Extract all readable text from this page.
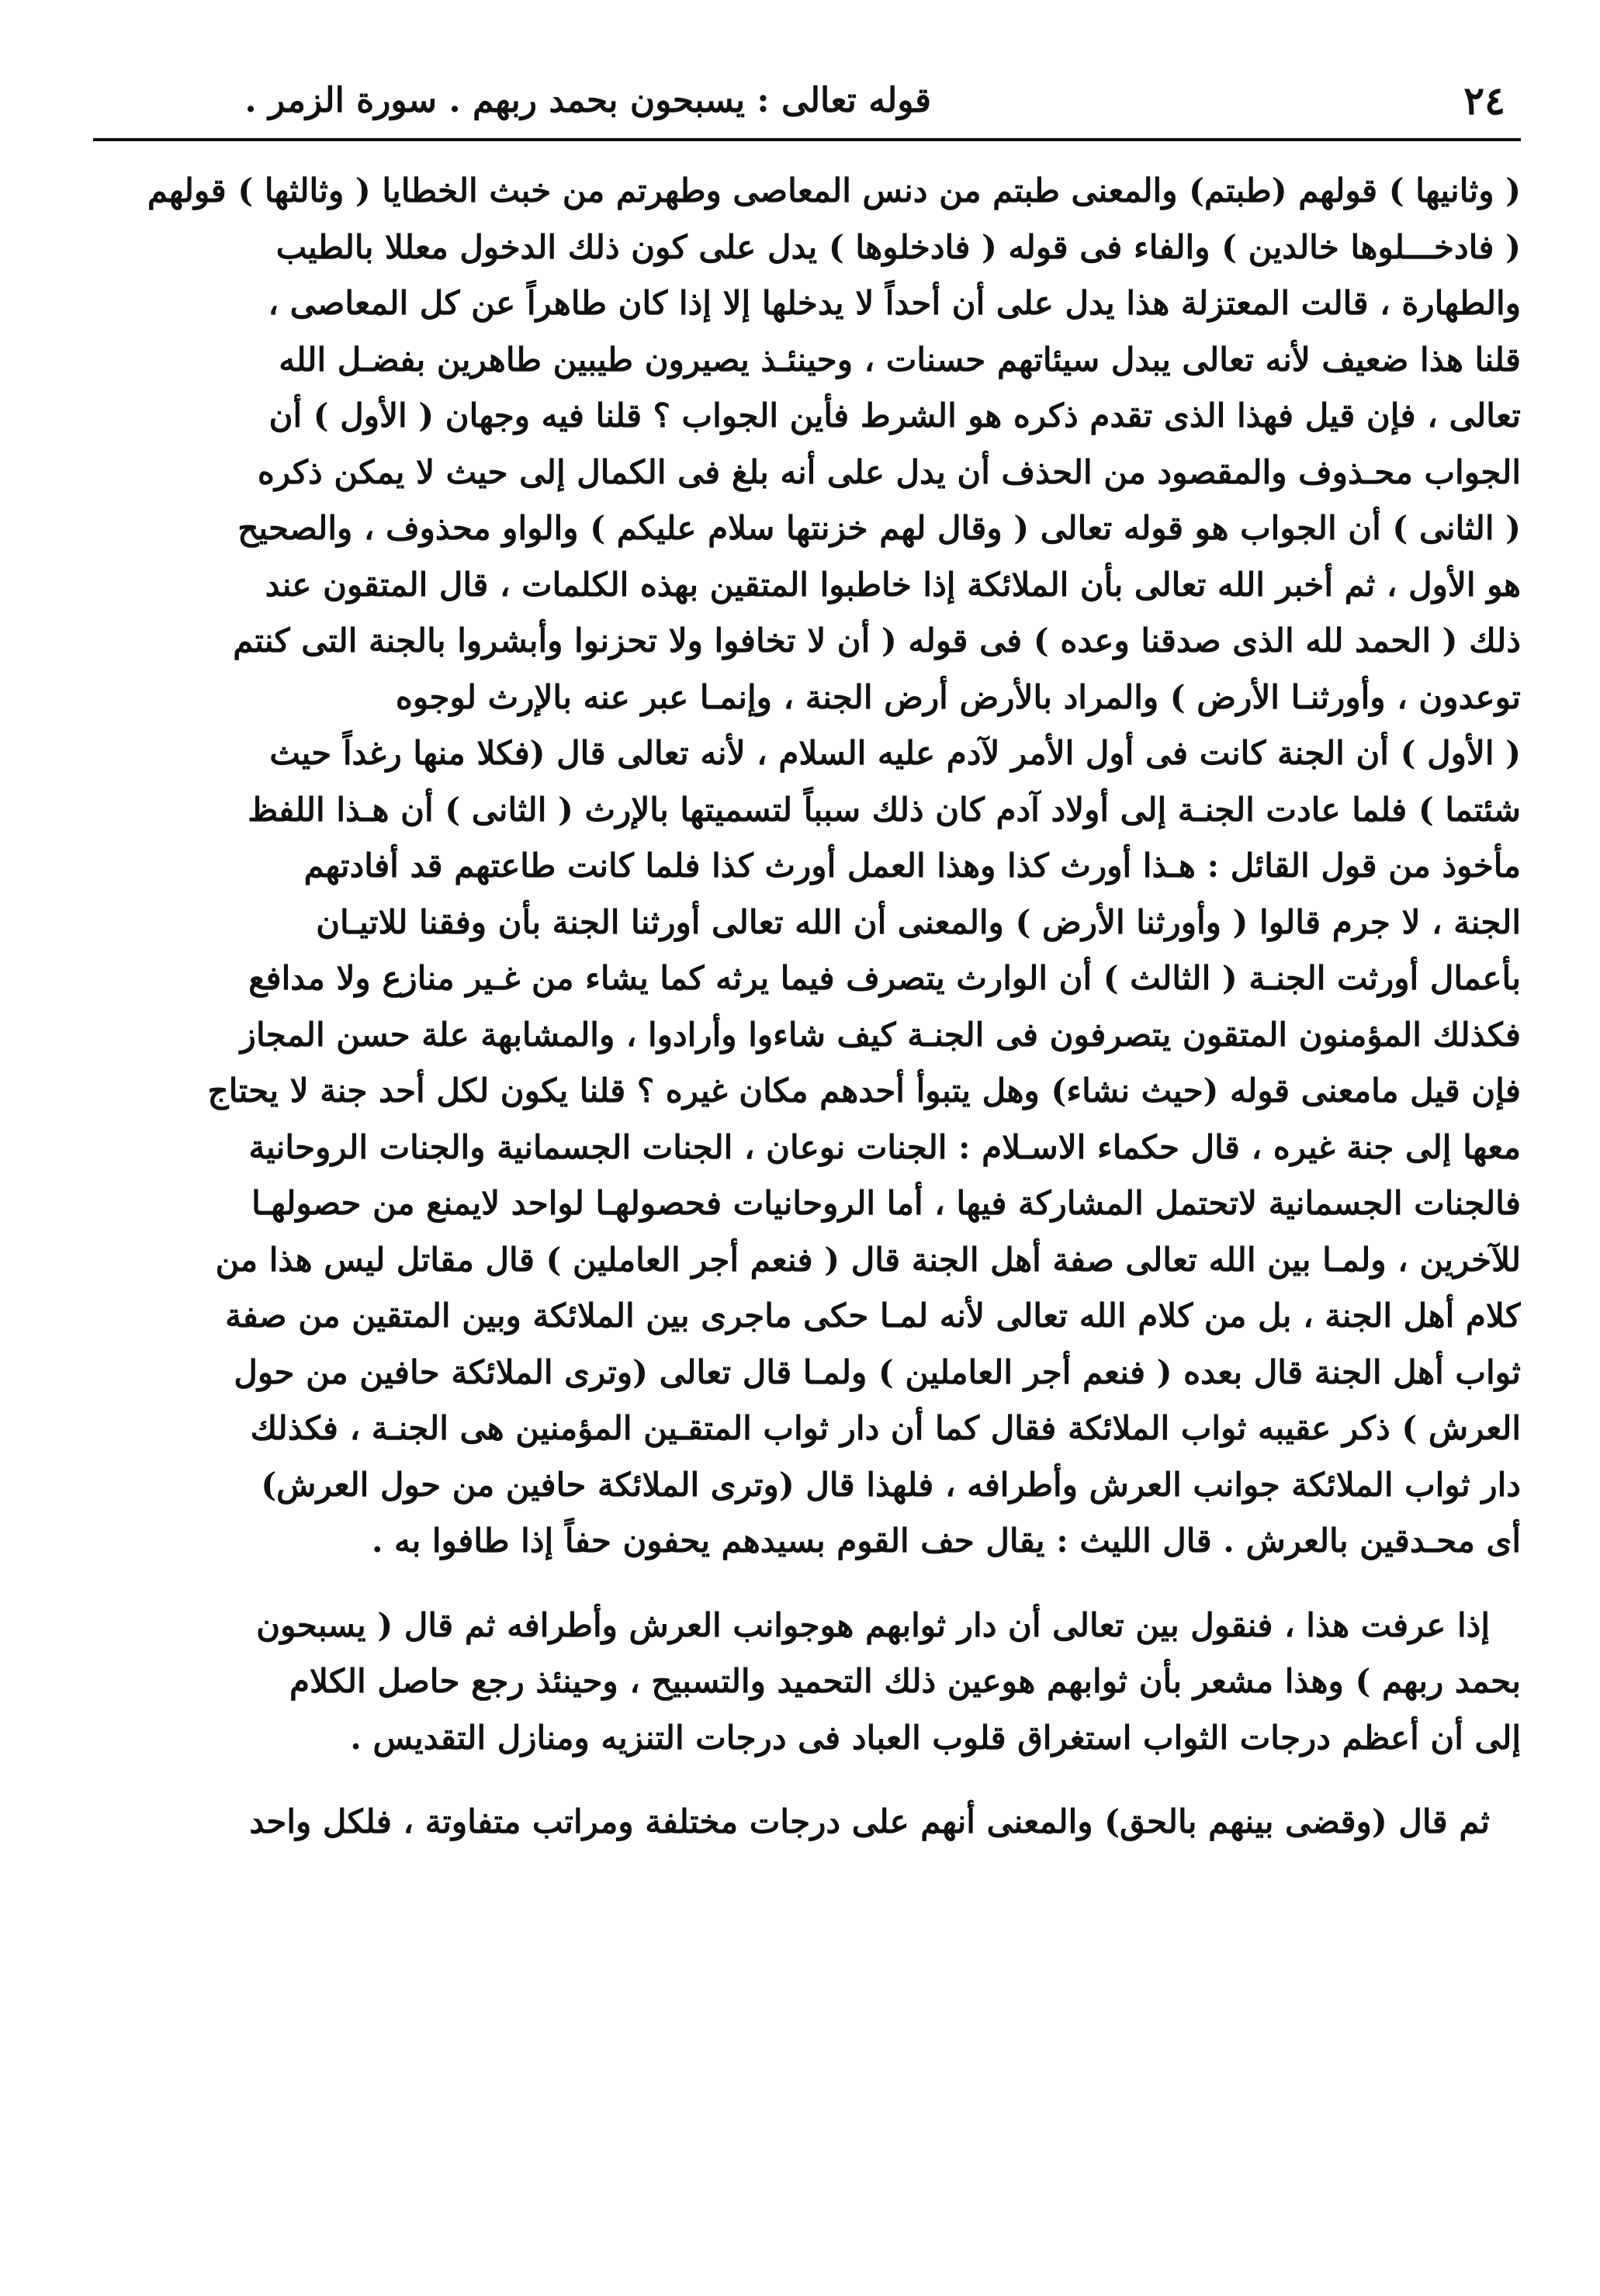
٢٤
قوله تعالى : يسبحون بحمد ربهم . سورة الزمر .
( وثانيها ) قولهم (طبتم) والمعنى طبتم من دنس المعاصى وطهرتم من خبث الخطايا ( وثالثها ) قولهم
( فادخـــلوها خالدين ) والفاء فى قوله ( فادخلوها ) يدل على كون ذلك الدخول معللا بالطيب
والطهارة ، قالت المعتزلة هذا يدل على أن أحداً لا يدخلها إلا إذا كان طاهراً عن كل المعاصى ،
قلنا هذا ضعيف لأنه تعالى يبدل سيئاتهم حسنات ، وحينئـذ يصيرون طيبين طاهرين بفضـل الله
تعالى ، فإن قيل فهذا الذى تقدم ذكره هو الشرط فأين الجواب ؟ قلنا فيه وجهان ( الأول ) أن
الجواب محـذوف والمقصود من الحذف أن يدل على أنه بلغ فى الكمال إلى حيث لا يمكن ذكره
( الثانى ) أن الجواب هو قوله تعالى ( وقال لهم خزنتها سلام عليكم ) والواو محذوف ، والصحيح
هو الأول ، ثم أخبر الله تعالى بأن الملائكة إذا خاطبوا المتقين بهذه الكلمات ، قال المتقون عند
ذلك ( الحمد لله الذى صدقنا وعده ) فى قوله ( أن لا تخافوا ولا تحزنوا وأبشروا بالجنة التى كنتم
توعدون ، وأورثنـا الأرض ) والمراد بالأرض أرض الجنة ، وإنمـا عبر عنه بالإرث لوجوه
( الأول ) أن الجنة كانت فى أول الأمر لآدم عليه السلام ، لأنه تعالى قال (فكلا منها رغداً حيث
شئتما ) فلما عادت الجنـة إلى أولاد آدم كان ذلك سبباً لتسميتها بالإرث ( الثانى ) أن هـذا اللفظ
مأخوذ من قول القائل : هـذا أورث كذا وهذا العمل أورث كذا فلما كانت طاعتهم قد أفادتهم
الجنة ، لا جرم قالوا ( وأورثنا الأرض ) والمعنى أن الله تعالى أورثنا الجنة بأن وفقنا للاتيـان
بأعمال أورثت الجنـة ( الثالث ) أن الوارث يتصرف فيما يرثه كما يشاء من غـير منازع ولا مدافع
فكذلك المؤمنون المتقون يتصرفون فى الجنـة كيف شاءوا وأرادوا ، والمشابهة علة حسن المجاز
فإن قيل مامعنى قوله (حيث نشاء) وهل يتبوأ أحدهم مكان غيره ؟ قلنا يكون لكل أحد جنة لا يحتاج
معها إلى جنة غيره ، قال حكماء الاسـلام : الجنات نوعان ، الجنات الجسمانية والجنات الروحانية
فالجنات الجسمانية لاتحتمل المشاركة فيها ، أما الروحانيات فحصولهـا لواحد لايمنع من حصولهـا
للآخرين ، ولمـا بين الله تعالى صفة أهل الجنة قال ( فنعم أجر العاملين ) قال مقاتل ليس هذا من
كلام أهل الجنة ، بل من كلام الله تعالى لأنه لمـا حكى ماجرى بين الملائكة وبين المتقين من صفة
ثواب أهل الجنة قال بعده ( فنعم أجر العاملين ) ولمـا قال تعالى (وترى الملائكة حافين من حول
العرش ) ذكر عقيبه ثواب الملائكة فقال كما أن دار ثواب المتقـين المؤمنين هى الجنـة ، فكذلك
دار ثواب الملائكة جوانب العرش وأطرافه ، فلهذا قال (وترى الملائكة حافين من حول العرش)
أى محـدقين بالعرش . قال الليث : يقال حف القوم بسيدهم يحفون حفاً إذا طافوا به .
إذا عرفت هذا ، فنقول بين تعالى أن دار ثوابهم هوجوانب العرش وأطرافه ثم قال ( يسبحون
بحمد ربهم ) وهذا مشعر بأن ثوابهم هوعين ذلك التحميد والتسبيح ، وحينئذ رجع حاصل الكلام
إلى أن أعظم درجات الثواب استغراق قلوب العباد فى درجات التنزيه ومنازل التقديس .
ثم قال (وقضى بينهم بالحق) والمعنى أنهم على درجات مختلفة ومراتب متفاوتة ، فلكل واحد
